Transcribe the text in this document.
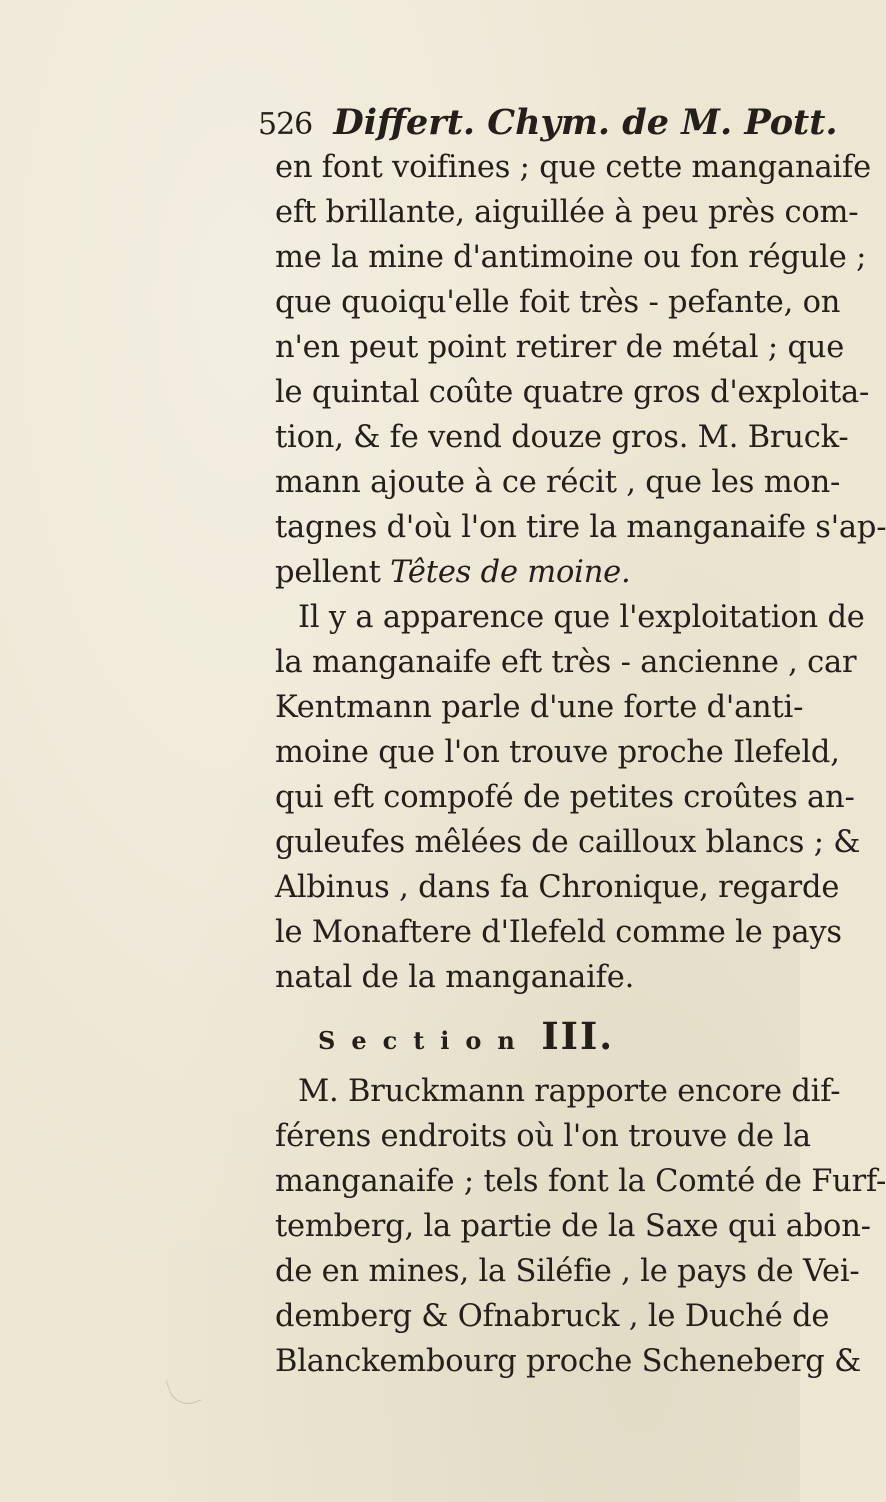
526 Differt. Chym. de M. Pott.
en font voifines ; que cette manganaife
eft brillante, aiguillée à peu près com-
me la mine d'antimoine ou fon régule ;
que quoiqu'elle foit très - pefante, on
n'en peut point retirer de métal ; que
le quintal coûte quatre gros d'exploita-
tion, & fe vend douze gros. M. Bruck-
mann ajoute à ce récit , que les mon-
tagnes d'où l'on tire la manganaife s'ap-
pellent Têtes de moine.
Il y a apparence que l'exploitation de
la manganaife eft très - ancienne , car
Kentmann parle d'une forte d'anti-
moine que l'on trouve proche Ilefeld,
qui eft compofé de petites croûtes an-
guleufes mêlées de cailloux blancs ; &
Albinus , dans fa Chronique, regarde
le Monaftere d'Ilefeld comme le pays
natal de la manganaife.
Section III.
M. Bruckmann rapporte encore dif-
férens endroits où l'on trouve de la
manganaife ; tels font la Comté de Furf-
temberg, la partie de la Saxe qui abon-
de en mines, la Siléfie , le pays de Vei-
demberg & Ofnabruck , le Duché de
Blanckembourg proche Scheneberg &
